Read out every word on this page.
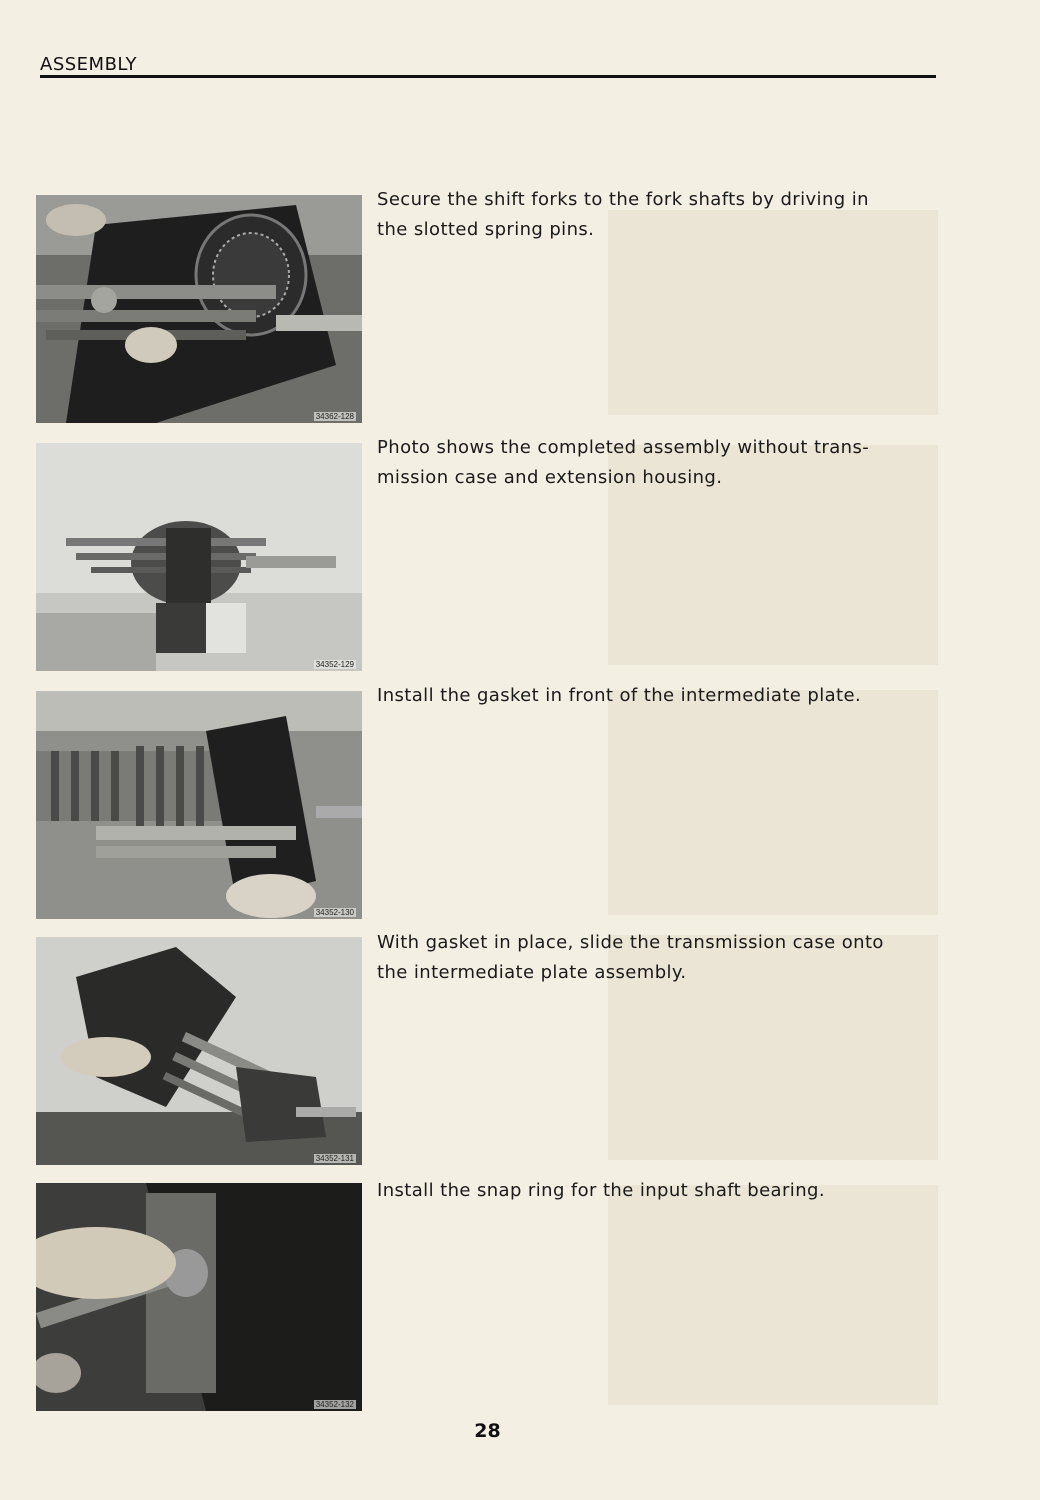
ASSEMBLY
34362-128

Secure the shift forks to the fork shafts by driving in the slotted spring pins.

34352-129

Photo shows the completed assembly without trans-mission case and extension housing.

34352-130

Install the gasket in front of the intermediate plate.

34352-131

With gasket in place, slide the transmission case onto the intermediate plate assembly.

34352-132

Install the snap ring for the input shaft bearing.

28
